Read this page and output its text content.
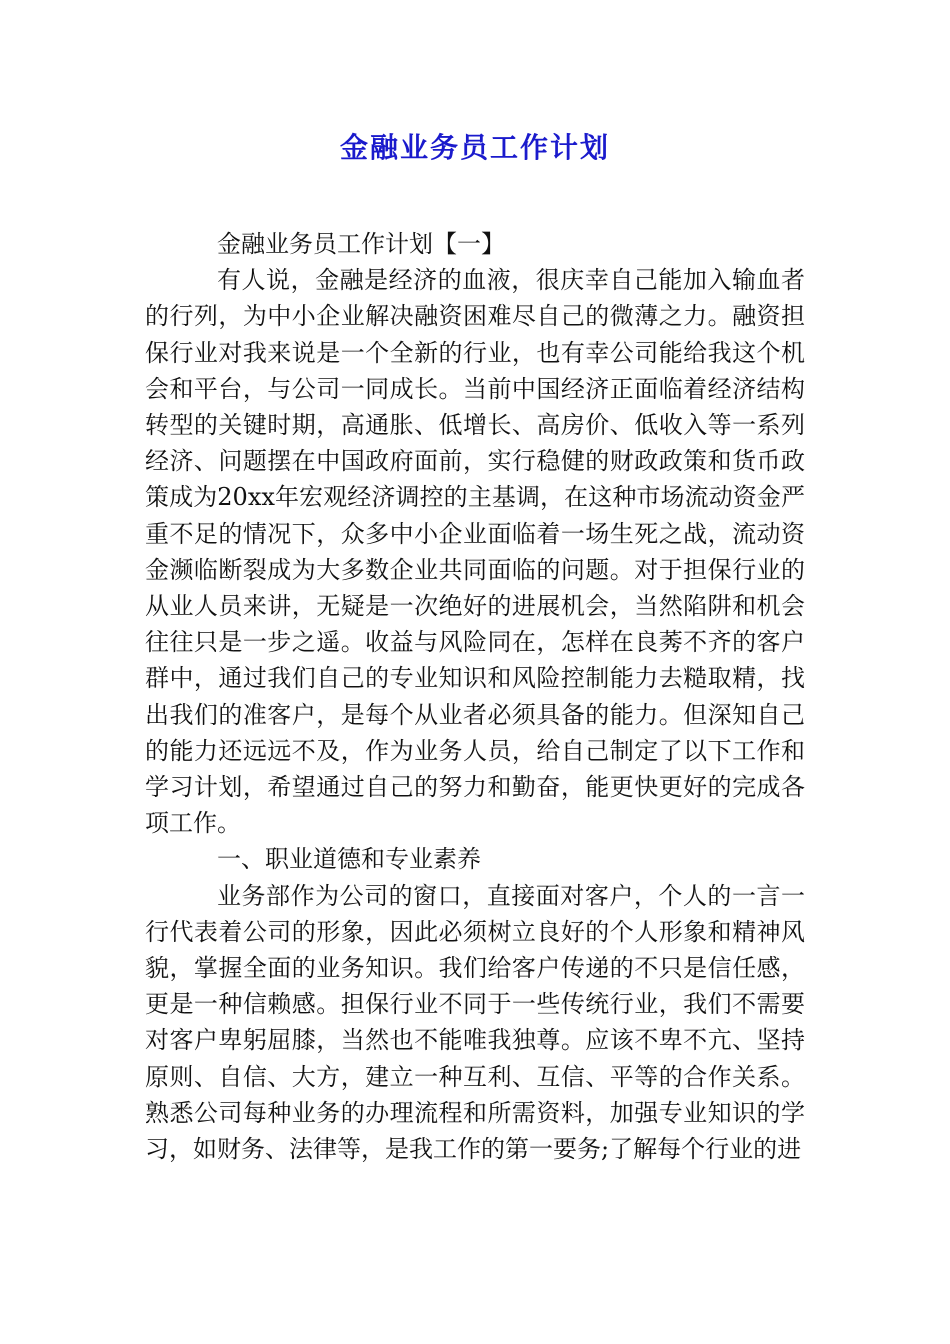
金融业务员工作计划

金融业务员工作计划【一】

有人说，金融是经济的血液，很庆幸自己能加入输血者的行列，为中小企业解决融资困难尽自己的微薄之力。融资担保行业对我来说是一个全新的行业，也有幸公司能给我这个机会和平台，与公司一同成长。当前中国经济正面临着经济结构转型的关键时期，高通胀、低增长、高房价、低收入等一系列经济、问题摆在中国政府面前，实行稳健的财政政策和货币政策成为20xx年宏观经济调控的主基调，在这种市场流动资金严重不足的情况下，众多中小企业面临着一场生死之战，流动资金濒临断裂成为大多数企业共同面临的问题。对于担保行业的从业人员来讲，无疑是一次绝好的进展机会，当然陷阱和机会往往只是一步之遥。收益与风险同在，怎样在良莠不齐的客户群中，通过我们自己的专业知识和风险控制能力去糙取精，找出我们的准客户，是每个从业者必须具备的能力。但深知自己的能力还远远不及，作为业务人员，给自己制定了以下工作和学习计划，希望通过自己的努力和勤奋，能更快更好的完成各项工作。

一、职业道德和专业素养

业务部作为公司的窗口，直接面对客户，个人的一言一行代表着公司的形象，因此必须树立良好的个人形象和精神风貌，掌握全面的业务知识。我们给客户传递的不只是信任感，更是一种信赖感。担保行业不同于一些传统行业，我们不需要对客户卑躬屈膝，当然也不能唯我独尊。应该不卑不亢、坚持原则、自信、大方，建立一种互利、互信、平等的合作关系。熟悉公司每种业务的办理流程和所需资料，加强专业知识的学习，如财务、法律等，是我工作的第一要务;了解每个行业的进
